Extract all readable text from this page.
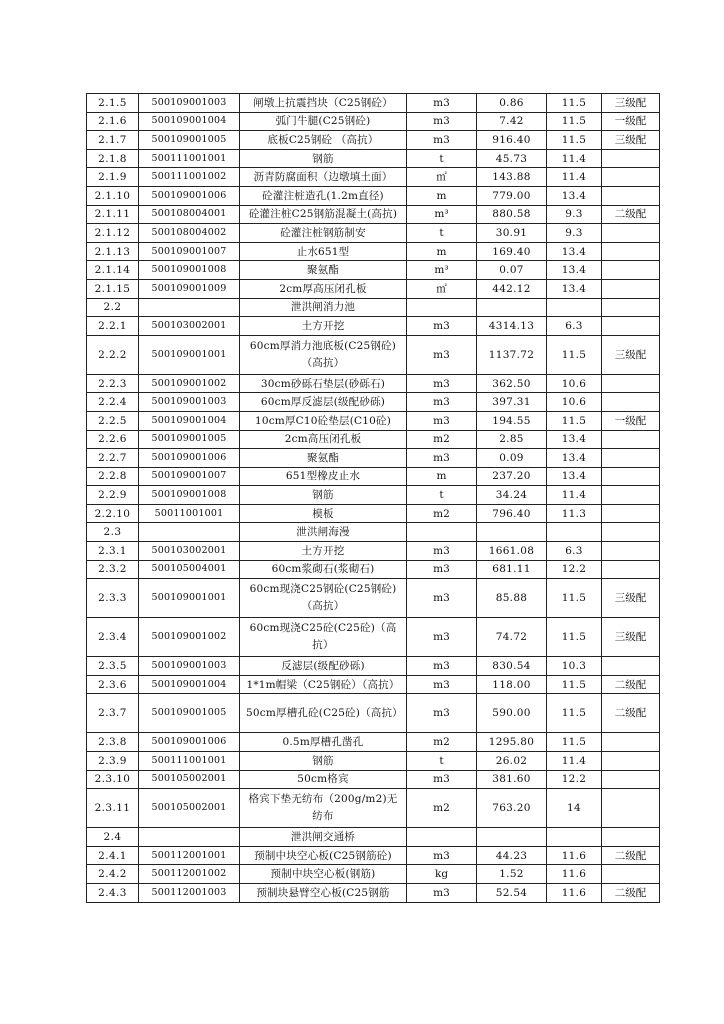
2.1.5	500109001003	闸墩上抗震挡块（C25钢砼）	m3	0.86	11.5	三级配
2.1.6	500109001004	弧门牛腿(C25钢砼)	m3	7.42	11.5	一级配
2.1.7	500109001005	底板C25钢砼 （高抗）	m3	916.40	11.5	三级配
2.1.8	500111001001	钢筋	t	45.73	11.4	
2.1.9	500111001002	沥青防腐面积（边墩填土面）	㎡	143.88	11.4	
2.1.10	500109001006	砼灌注桩造孔(1.2m直径)	m	779.00	13.4	
2.1.11	500108004001	砼灌注桩C25钢筋混凝土(高抗)	m³	880.58	9.3	二级配
2.1.12	500108004002	砼灌注桩钢筋制安	t	30.91	9.3	
2.1.13	500109001007	止水651型	m	169.40	13.4	
2.1.14	500109001008	聚氨酯	m³	0.07	13.4	
2.1.15	500109001009	2cm厚高压闭孔板	㎡	442.12	13.4	
2.2		泄洪闸消力池				
2.2.1	500103002001	土方开挖	m3	4314.13	6.3	
2.2.2	500109001001	60cm厚消力池底板(C25钢砼)（高抗）	m3	1137.72	11.5	三级配
2.2.3	500109001002	30cm砂砾石垫层(砂砾石)	m3	362.50	10.6	
2.2.4	500109001003	60cm厚反滤层(级配砂砾)	m3	397.31	10.6	
2.2.5	500109001004	10cm厚C10砼垫层(C10砼)	m3	194.55	11.5	一级配
2.2.6	500109001005	2cm高压闭孔板	m2	2.85	13.4	
2.2.7	500109001006	聚氨酯	m3	0.09	13.4	
2.2.8	500109001007	651型橡皮止水	m	237.20	13.4	
2.2.9	500109001008	钢筋	t	34.24	11.4	
2.2.10	50011001001	模板	m2	796.40	11.3	
2.3		泄洪闸海漫				
2.3.1	500103002001	土方开挖	m3	1661.08	6.3	
2.3.2	500105004001	60cm浆砌石(浆砌石)	m3	681.11	12.2	
2.3.3	500109001001	60cm现浇C25钢砼(C25钢砼)（高抗）	m3	85.88	11.5	三级配
2.3.4	500109001002	60cm现浇C25砼(C25砼)（高抗）	m3	74.72	11.5	三级配
2.3.5	500109001003	反滤层(级配砂砾)	m3	830.54	10.3	
2.3.6	500109001004	1*1m帽梁（C25钢砼）（高抗）	m3	118.00	11.5	二级配
2.3.7	500109001005	50cm厚槽孔砼(C25砼)（高抗）	m3	590.00	11.5	二级配
2.3.8	500109001006	0.5m厚槽孔凿孔	m2	1295.80	11.5	
2.3.9	500111001001	钢筋	t	26.02	11.4	
2.3.10	500105002001	50cm格宾	m3	381.60	12.2	
2.3.11	500105002001	格宾下垫无纺布（200g/m2)无纺布	m2	763.20	14	
2.4		泄洪闸交通桥				
2.4.1	500112001001	预制中块空心板(C25钢筋砼)	m3	44.23	11.6	二级配
2.4.2	500112001002	预制中块空心板(钢筋)	kg	1.52	11.6	
2.4.3	500112001003	预制块悬臂空心板(C25钢筋	m3	52.54	11.6	二级配
